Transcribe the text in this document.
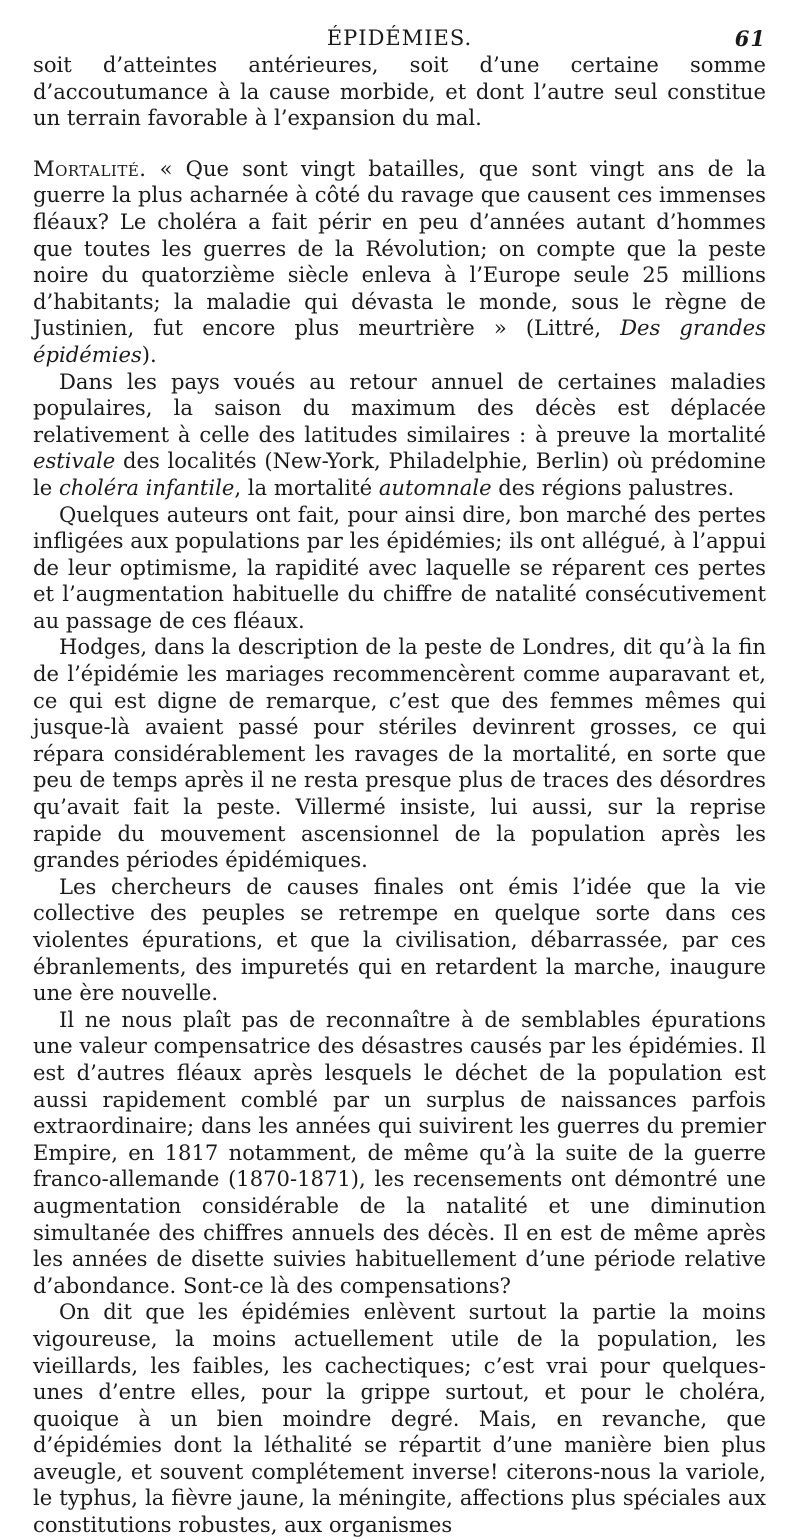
ÉPIDÉMIES.	61

soit d’atteintes antérieures, soit d’une certaine somme d’accoutumance à la cause morbide, et dont l’autre seul constitue un terrain favorable à l’expansion du mal.

Mortalité. « Que sont vingt batailles, que sont vingt ans de la guerre la plus acharnée à côté du ravage que causent ces immenses fléaux? Le choléra a fait périr en peu d’années autant d’hommes que toutes les guerres de la Révolution; on compte que la peste noire du quatorzième siècle enleva à l’Europe seule 25 millions d’habitants; la maladie qui dévasta le monde, sous le règne de Justinien, fut encore plus meurtrière » (Littré, Des grandes épidémies).

Dans les pays voués au retour annuel de certaines maladies populaires, la saison du maximum des décès est déplacée relativement à celle des latitudes similaires : à preuve la mortalité estivale des localités (New-York, Philadelphie, Berlin) où prédomine le choléra infantile, la mortalité automnale des régions palustres.

Quelques auteurs ont fait, pour ainsi dire, bon marché des pertes infligées aux populations par les épidémies; ils ont allégué, à l’appui de leur optimisme, la rapidité avec laquelle se réparent ces pertes et l’augmentation habituelle du chiffre de natalité consécutivement au passage de ces fléaux.

Hodges, dans la description de la peste de Londres, dit qu’à la fin de l’épidémie les mariages recommencèrent comme auparavant et, ce qui est digne de remarque, c’est que des femmes mêmes qui jusque-là avaient passé pour stériles devinrent grosses, ce qui répara considérablement les ravages de la mortalité, en sorte que peu de temps après il ne resta presque plus de traces des désordres qu’avait fait la peste. Villermé insiste, lui aussi, sur la reprise rapide du mouvement ascensionnel de la population après les grandes périodes épidémiques.

Les chercheurs de causes finales ont émis l’idée que la vie collective des peuples se retrempe en quelque sorte dans ces violentes épurations, et que la civilisation, débarrassée, par ces ébranlements, des impuretés qui en retardent la marche, inaugure une ère nouvelle.

Il ne nous plaît pas de reconnaître à de semblables épurations une valeur compensatrice des désastres causés par les épidémies. Il est d’autres fléaux après lesquels le déchet de la population est aussi rapidement comblé par un surplus de naissances parfois extraordinaire; dans les années qui suivirent les guerres du premier Empire, en 1817 notamment, de même qu’à la suite de la guerre franco-allemande (1870-1871), les recensements ont démontré une augmentation considérable de la natalité et une diminution simultanée des chiffres annuels des décès. Il en est de même après les années de disette suivies habituellement d’une période relative d’abondance. Sont-ce là des compensations?

On dit que les épidémies enlèvent surtout la partie la moins vigoureuse, la moins actuellement utile de la population, les vieillards, les faibles, les cachectiques; c’est vrai pour quelques-unes d’entre elles, pour la grippe surtout, et pour le choléra, quoique à un bien moindre degré. Mais, en revanche, que d’épidémies dont la léthalité se répartit d’une manière bien plus aveugle, et souvent complétement inverse! citerons-nous la variole, le typhus, la fièvre jaune, la méningite, affections plus spéciales aux constitutions robustes, aux organismes
